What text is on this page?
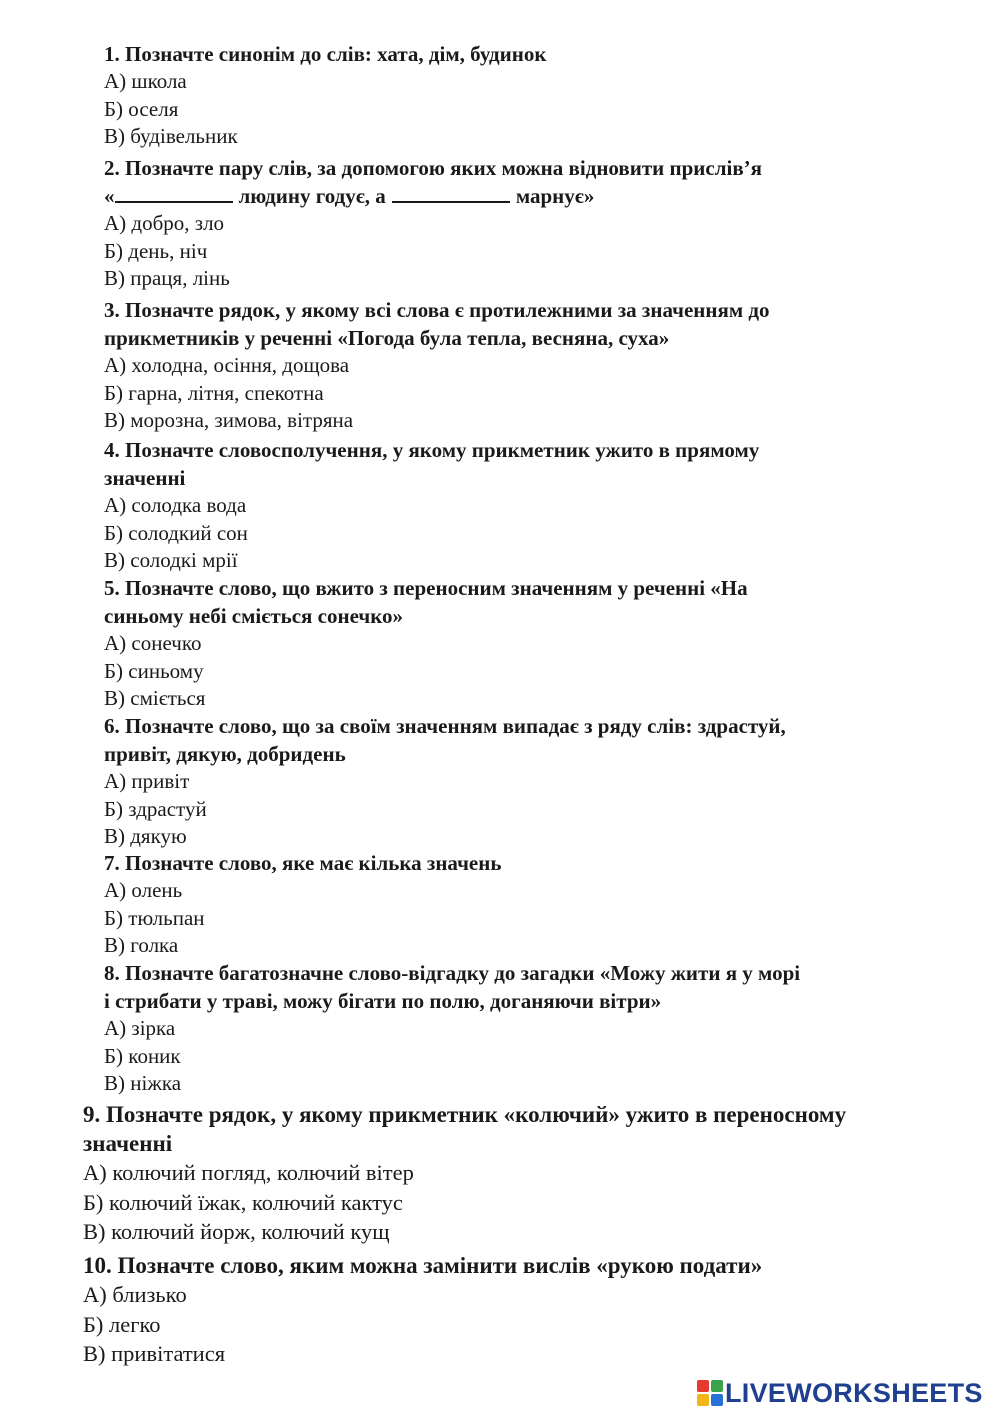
1. Позначте синонім до слів: хата, дім, будинок

А) школа

Б) оселя

В) будівельник

2. Позначте пару слів, за допомогою яких можна відновити прислів’я

«	людину годує, а	марнує»

А) добро, зло

Б) день, ніч

В) праця, лінь

3. Позначте рядок, у якому всі слова є протилежними за значенням до

прикметників у реченні «Погода була тепла, весняна, суха»

А) холодна, осіння, дощова

Б) гарна, літня, спекотна

В) морозна, зимова, вітряна

4. Позначте словосполучення, у якому прикметник ужито в прямому

значенні

А) солодка вода

Б) солодкий сон

В) солодкі мрії

5. Позначте слово, що вжито з переносним значенням у реченні «На

синьому небі сміється сонечко»

А) сонечко

Б) синьому

В) сміється

6. Позначте слово, що за своїм значенням випадає з ряду слів: здрастуй,

привіт, дякую, добридень

А) привіт

Б) здрастуй

В) дякую

7. Позначте слово, яке має кілька значень

А) олень

Б) тюльпан

В) голка

8. Позначте багатозначне слово-відгадку до загадки «Можу жити я у морі

і стрибати у траві, можу бігати по полю, доганяючи вітри»

А) зірка

Б) коник

В) ніжка

9. Позначте рядок, у якому прикметник «колючий» ужито в переносному

значенні

А) колючий погляд, колючий вітер

Б) колючий їжак, колючий кактус

В) колючий йорж, колючий кущ

10. Позначте слово, яким можна замінити вислів «рукою подати»

А) близько

Б) легко

В) привітатися

LIVEWORKSHEETS
